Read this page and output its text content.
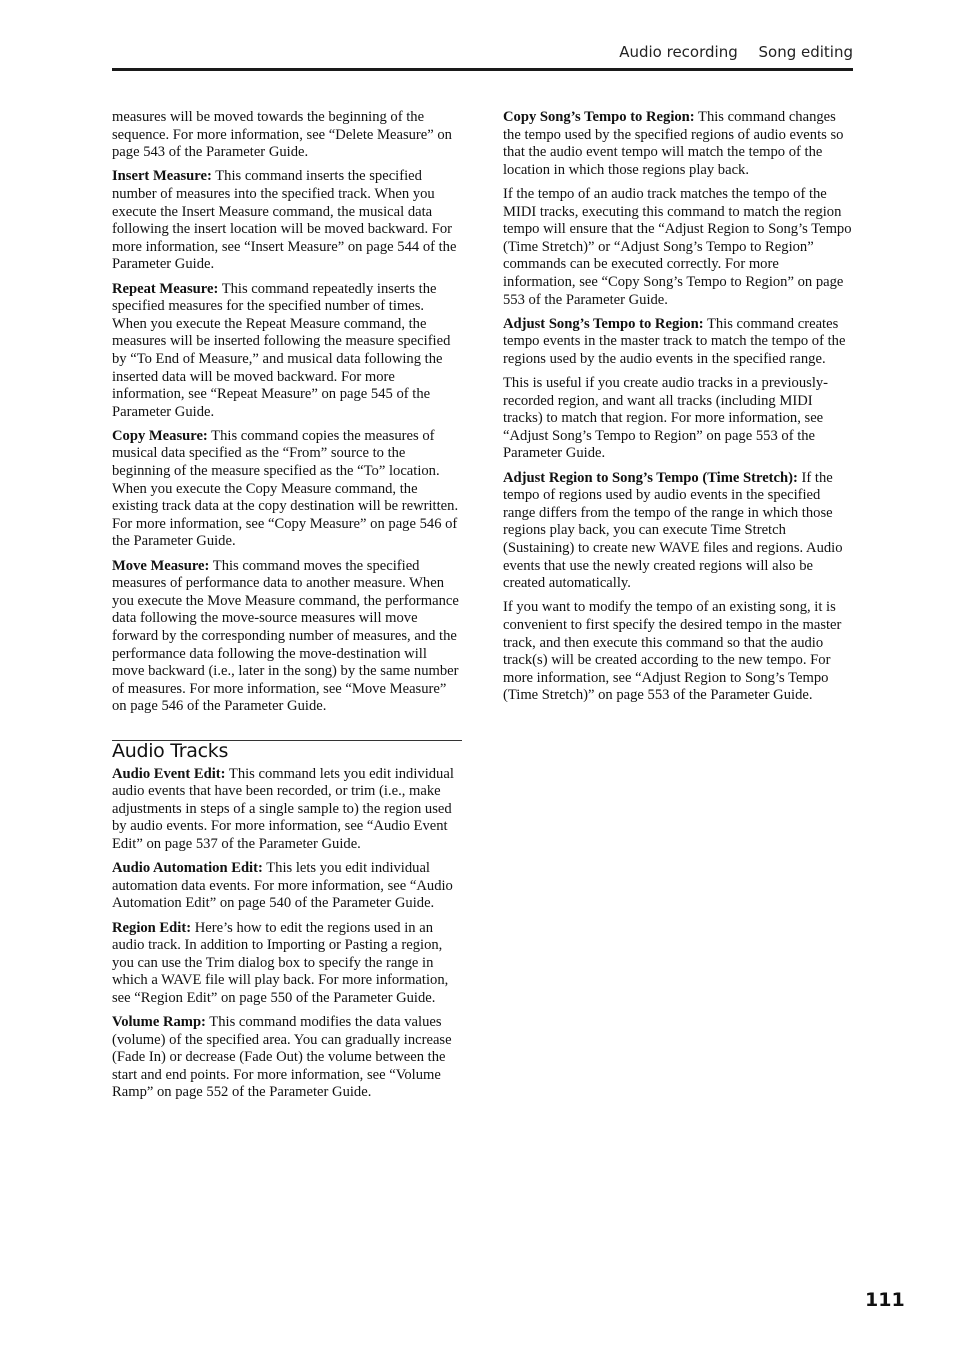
Audio recording Song editing

measures will be moved towards the beginning of the sequence. For more information, see “Delete Measure” on page 543 of the Parameter Guide.

Insert Measure: This command inserts the specified number of measures into the specified track. When you execute the Insert Measure command, the musical data following the insert location will be moved backward. For more information, see “Insert Measure” on page 544 of the Parameter Guide.

Repeat Measure: This command repeatedly inserts the specified measures for the specified number of times. When you execute the Repeat Measure command, the measures will be inserted following the measure specified by “To End of Measure,” and musical data following the inserted data will be moved backward. For more information, see “Repeat Measure” on page 545 of the Parameter Guide.

Copy Measure: This command copies the measures of musical data specified as the “From” source to the beginning of the measure specified as the “To” location. When you execute the Copy Measure command, the existing track data at the copy destination will be rewritten. For more information, see “Copy Measure” on page 546 of the Parameter Guide.

Move Measure: This command moves the specified measures of performance data to another measure. When you execute the Move Measure command, the performance data following the move-source measures will move forward by the corresponding number of measures, and the performance data following the move-destination will move backward (i.e., later in the song) by the same number of measures. For more information, see “Move Measure” on page 546 of the Parameter Guide.

Audio Tracks

Audio Event Edit: This command lets you edit individual audio events that have been recorded, or trim (i.e., make adjustments in steps of a single sample to) the region used by audio events. For more information, see “Audio Event Edit” on page 537 of the Parameter Guide.

Audio Automation Edit: This lets you edit individual automation data events. For more information, see “Audio Automation Edit” on page 540 of the Parameter Guide.

Region Edit: Here’s how to edit the regions used in an audio track. In addition to Importing or Pasting a region, you can use the Trim dialog box to specify the range in which a WAVE file will play back. For more information, see “Region Edit” on page 550 of the Parameter Guide.

Volume Ramp: This command modifies the data values (volume) of the specified area. You can gradually increase (Fade In) or decrease (Fade Out) the volume between the start and end points. For more information, see “Volume Ramp” on page 552 of the Parameter Guide.

Copy Song’s Tempo to Region: This command changes the tempo used by the specified regions of audio events so that the audio event tempo will match the tempo of the location in which those regions play back.

If the tempo of an audio track matches the tempo of the MIDI tracks, executing this command to match the region tempo will ensure that the “Adjust Region to Song’s Tempo (Time Stretch)” or “Adjust Song’s Tempo to Region” commands can be executed correctly. For more information, see “Copy Song’s Tempo to Region” on page 553 of the Parameter Guide.

Adjust Song’s Tempo to Region: This command creates tempo events in the master track to match the tempo of the regions used by the audio events in the specified range.

This is useful if you create audio tracks in a previously-recorded region, and want all tracks (including MIDI tracks) to match that region. For more information, see “Adjust Song’s Tempo to Region” on page 553 of the Parameter Guide.

Adjust Region to Song’s Tempo (Time Stretch): If the tempo of regions used by audio events in the specified range differs from the tempo of the range in which those regions play back, you can execute Time Stretch (Sustaining) to create new WAVE files and regions. Audio events that use the newly created regions will also be created automatically.

If you want to modify the tempo of an existing song, it is convenient to first specify the desired tempo in the master track, and then execute this command so that the audio track(s) will be created according to the new tempo. For more information, see “Adjust Region to Song’s Tempo (Time Stretch)” on page 553 of the Parameter Guide.

111
